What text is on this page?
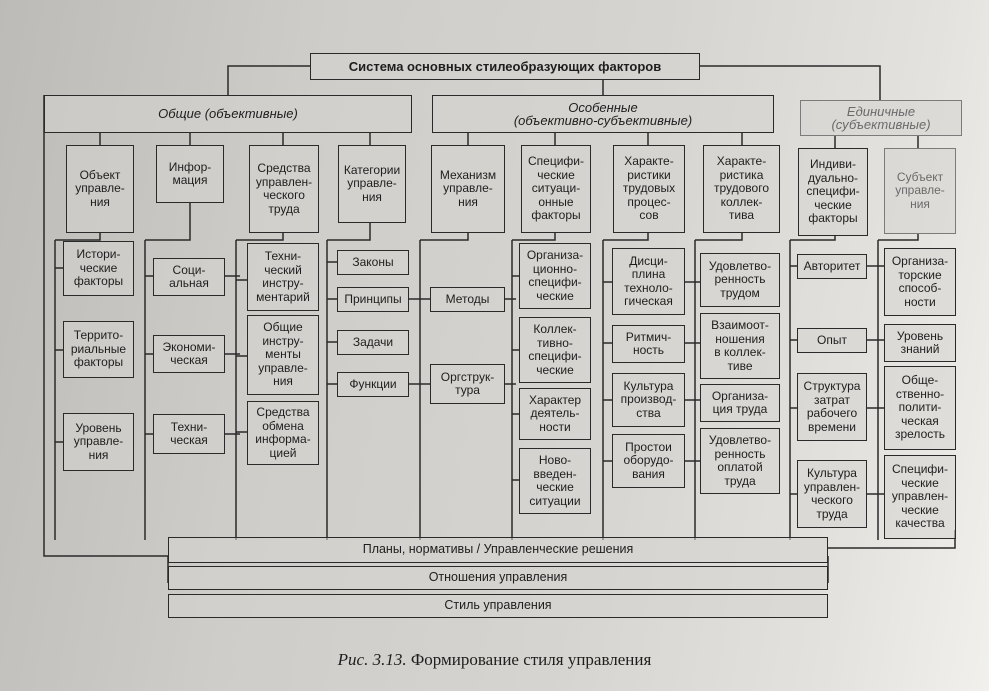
Система основных стилеобразующих факторов
Общие (объективные)	Особенные
(объективно-субъективные)
Единичные
(субъективные)
Объект
управле-
ния
Инфор-
мация
Средства
управлен-
ческого
труда
Категории
управле-
ния
Истори-
ческие
факторы
Террито-
риальные
факторы
Уровень
управле-
ния
Соци-
альная
Экономи-
ческая
Техни-
ческая
Техни-
ческий
инстру-
ментарий
Общие
инстру-
менты
управле-
ния
Средства
обмена
информа-
цией
Законы
Принципы
Задачи
Функции
Механизм
управле-
ния
Методы
Оргструк-
тура
Специфи-
ческие
ситуаци-
онные
факторы
Организа-
ционно-
специфи-
ческие
Коллек-
тивно-
специфи-
ческие
Характер
деятель-
ности
Ново-
введен-
ческие
ситуации
Характе-
ристики
трудовых
процес-
сов
Дисци-
плина
техноло-
гическая
Ритмич-
ность
Культура
производ-
ства
Простои
оборудо-
вания
Характе-
ристика
трудового
коллек-
тива
Удовлетво-
ренность
трудом
Взаимоот-
ношения
в коллек-
тиве
Организа-
ция труда
Удовлетво-
ренность
оплатой
труда
Индиви-
дуально-
специфи-
ческие
факторы
Субъект
управле-
ния
Авторитет
Опыт
Структура
затрат
рабочего
времени
Культура
управлен-
ческого
труда
Организа-
торские
способ-
ности
Уровень
знаний
Обще-
ственно-
полити-
ческая
зрелость
Специфи-
ческие
управлен-
ческие
качества
Планы, нормативы / Управленческие решения
Отношения управления
Стиль управления
Рис. 3.13. Формирование стиля управления
